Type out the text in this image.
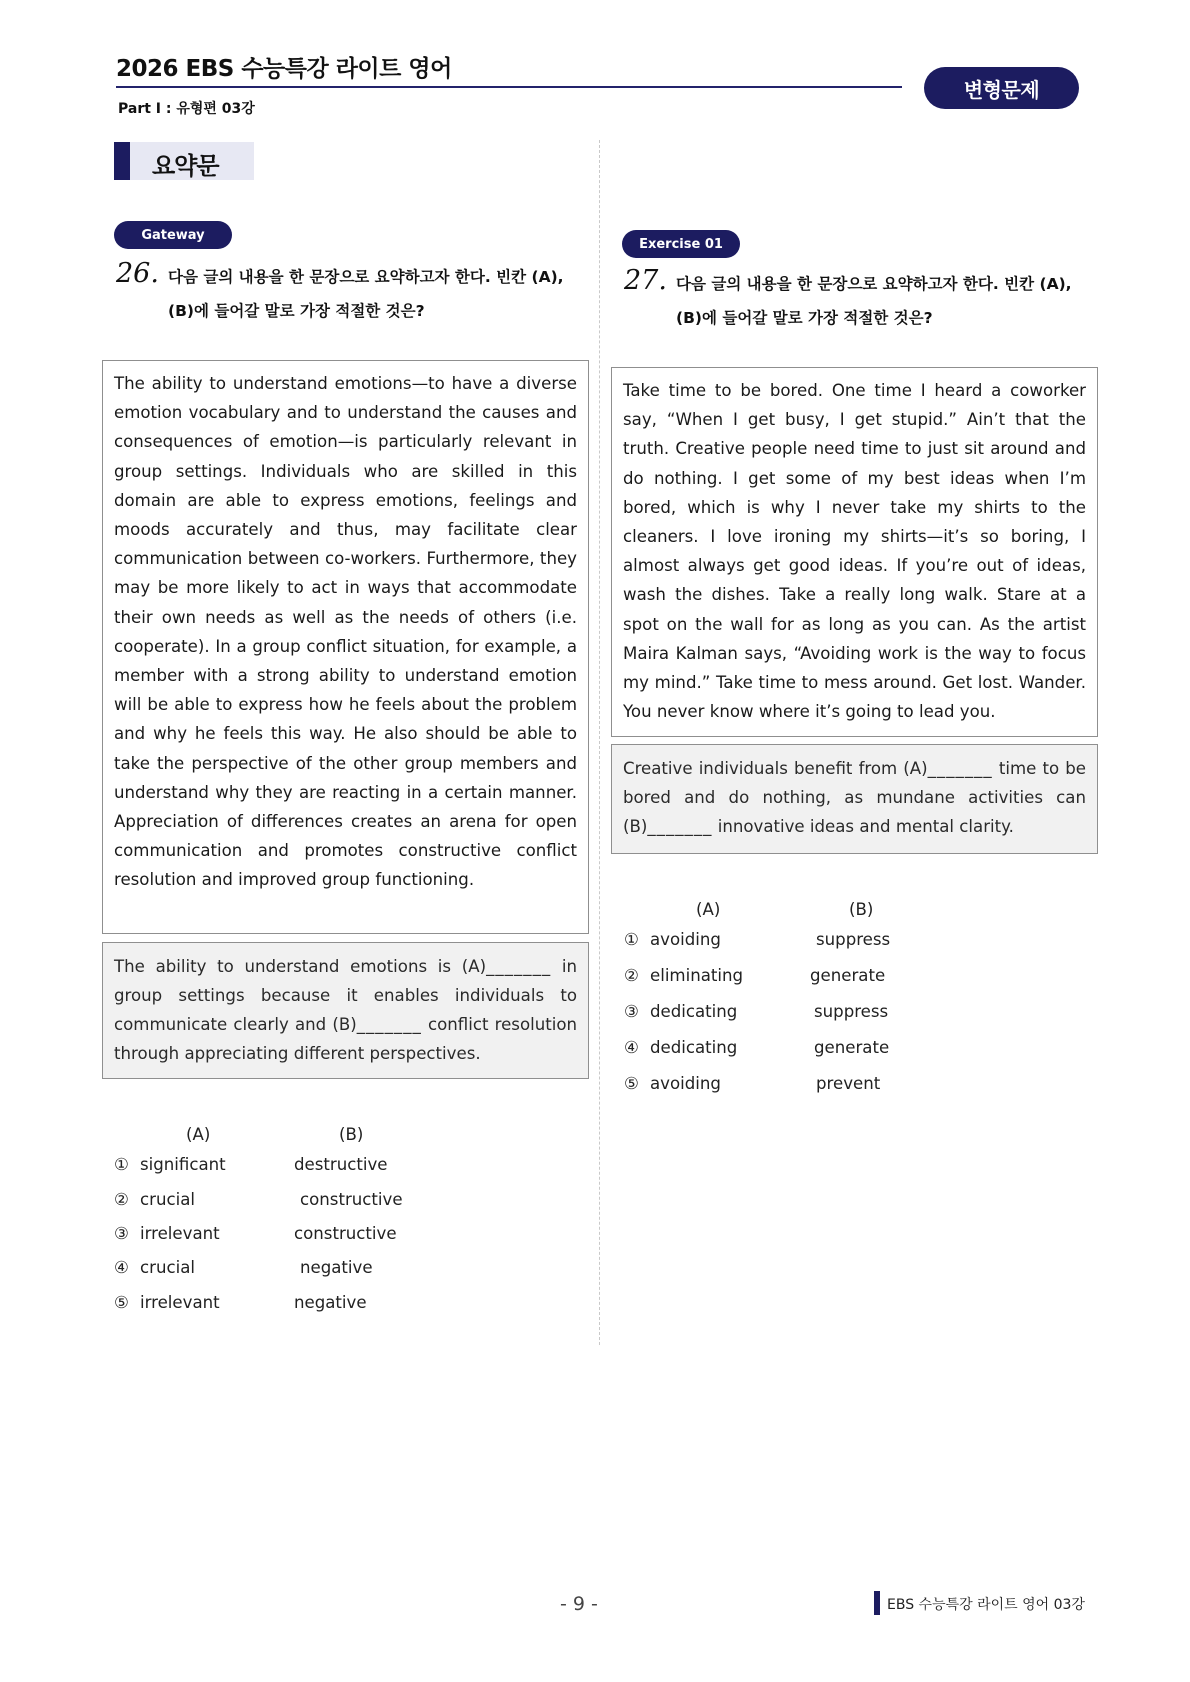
2026 EBS 수능특강 라이트 영어
Part Ⅰ : 유형편 03강
변형문제
요약문
Gateway
26. 다음 글의 내용을 한 문장으로 요약하고자 한다. 빈칸 (A),
(B)에 들어갈 말로 가장 적절한 것은?
The ability to understand emotions—to have a diverse emotion vocabulary and to understand the causes and consequences of emotion—is particularly relevant in group settings. Individuals who are skilled in this domain are able to express emotions, feelings and moods accurately and thus, may facilitate clear communication between co-workers. Furthermore, they may be more likely to act in ways that accommodate their own needs as well as the needs of others (i.e. cooperate). In a group conflict situation, for example, a member with a strong ability to understand emotion will be able to express how he feels about the problem and why he feels this way. He also should be able to take the perspective of the other group members and understand why they are reacting in a certain manner. Appreciation of differences creates an arena for open communication and promotes constructive conflict resolution and improved group functioning.
The ability to understand emotions is (A)_______ in group settings because it enables individuals to communicate clearly and (B)_______ conflict resolution through appreciating different perspectives.
(A)	(B)
① significant	destructive
② crucial	constructive
③ irrelevant	constructive
④ crucial	negative
⑤ irrelevant	negative
Exercise 01
27. 다음 글의 내용을 한 문장으로 요약하고자 한다. 빈칸 (A),
(B)에 들어갈 말로 가장 적절한 것은?
Take time to be bored. One time I heard a coworker say, “When I get busy, I get stupid.” Ain’t that the truth. Creative people need time to just sit around and do nothing. I get some of my best ideas when I’m bored, which is why I never take my shirts to the cleaners. I love ironing my shirts—it’s so boring, I almost always get good ideas. If you’re out of ideas, wash the dishes. Take a really long walk. Stare at a spot on the wall for as long as you can. As the artist Maira Kalman says, “Avoiding work is the way to focus my mind.” Take time to mess around. Get lost. Wander. You never know where it’s going to lead you.
Creative individuals benefit from (A)_______ time to be bored and do nothing, as mundane activities can (B)_______ innovative ideas and mental clarity.
(A)	(B)
① avoiding	suppress
② eliminating	generate
③ dedicating	suppress
④ dedicating	generate
⑤ avoiding	prevent
- 9 -	EBS 수능특강 라이트 영어 03강
